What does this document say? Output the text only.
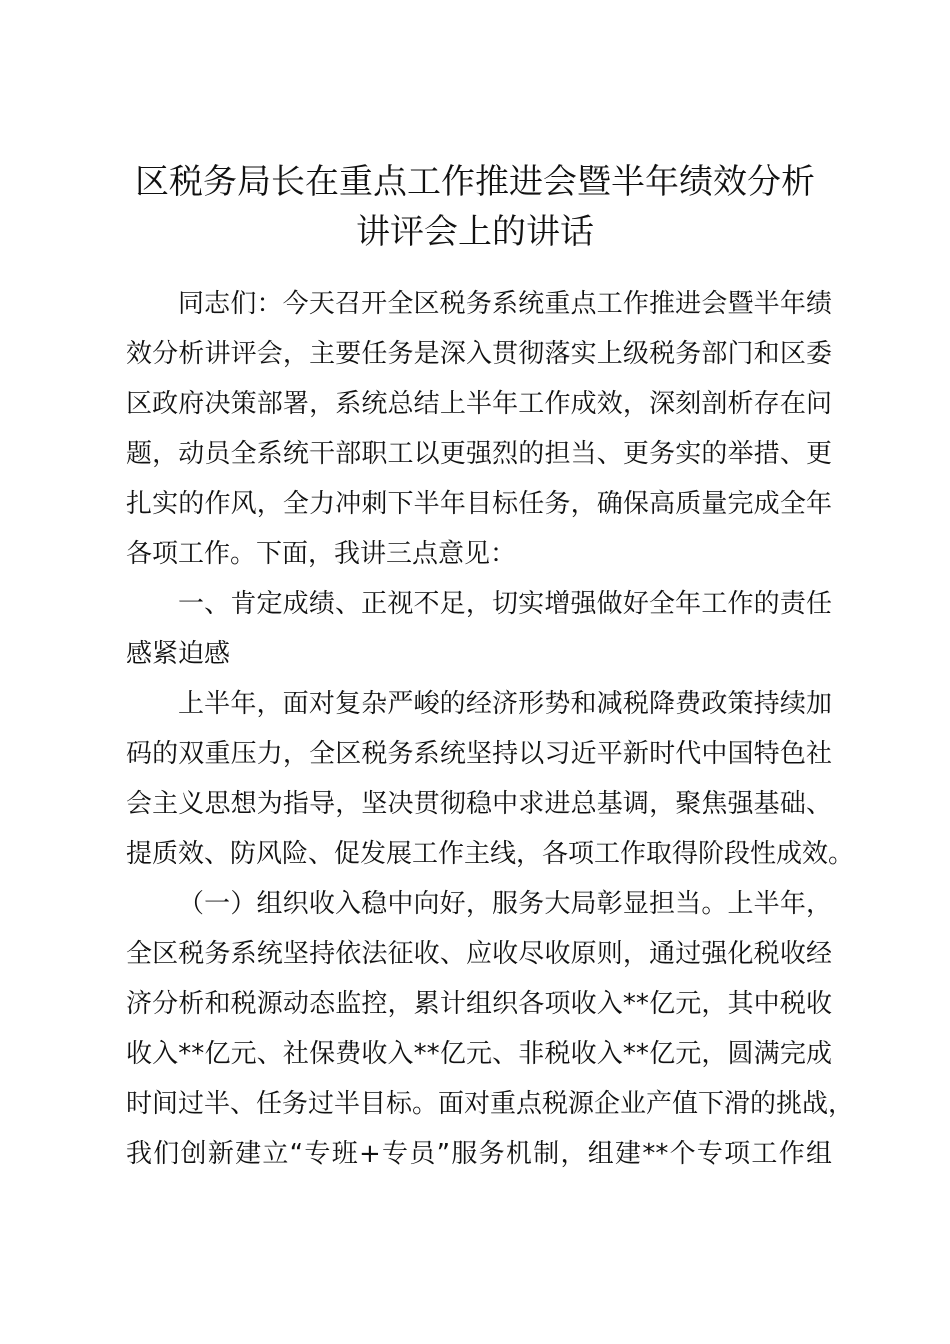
区税务局长在重点工作推进会暨半年绩效分析
讲评会上的讲话
同志们：今天召开全区税务系统重点工作推进会暨半年绩
效分析讲评会，主要任务是深入贯彻落实上级税务部门和区委
区政府决策部署，系统总结上半年工作成效，深刻剖析存在问
题，动员全系统干部职工以更强烈的担当、更务实的举措、更
扎实的作风，全力冲刺下半年目标任务，确保高质量完成全年
各项工作。下面，我讲三点意见：
一、肯定成绩、正视不足，切实增强做好全年工作的责任
感紧迫感
上半年，面对复杂严峻的经济形势和减税降费政策持续加
码的双重压力，全区税务系统坚持以习近平新时代中国特色社
会主义思想为指导，坚决贯彻稳中求进总基调，聚焦强基础、
提质效、防风险、促发展工作主线，各项工作取得阶段性成效。
（一）组织收入稳中向好，服务大局彰显担当。上半年，
全区税务系统坚持依法征收、应收尽收原则，通过强化税收经
济分析和税源动态监控，累计组织各项收入**亿元，其中税收
收入**亿元、社保费收入**亿元、非税收入**亿元，圆满完成
时间过半、任务过半目标。面对重点税源企业产值下滑的挑战，
我们创新建立“专班+专员”服务机制，组建**个专项工作组
